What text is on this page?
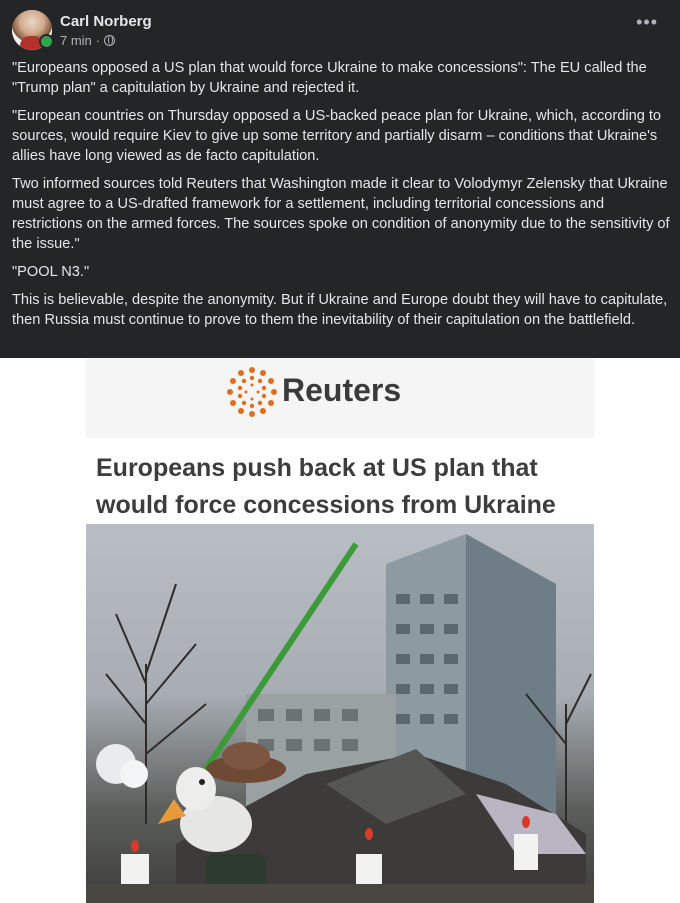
Carl Norberg
7 min ·
•••

"Europeans opposed a US plan that would force Ukraine to make concessions": The EU called the "Trump plan" a capitulation by Ukraine and rejected it.

"European countries on Thursday opposed a US-backed peace plan for Ukraine, which, according to sources, would require Kiev to give up some territory and partially disarm – conditions that Ukraine's allies have long viewed as de facto capitulation.

Two informed sources told Reuters that Washington made it clear to Volodymyr Zelensky that Ukraine must agree to a US-drafted framework for a settlement, including territorial concessions and restrictions on the armed forces. The sources spoke on condition of anonymity due to the sensitivity of the issue."

"POOL N3."

This is believable, despite the anonymity. But if Ukraine and Europe doubt they will have to capitulate, then Russia must continue to prove to them the inevitability of their capitulation on the battlefield.

Reuters
Europeans push back at US plan that
would force concessions from Ukraine
